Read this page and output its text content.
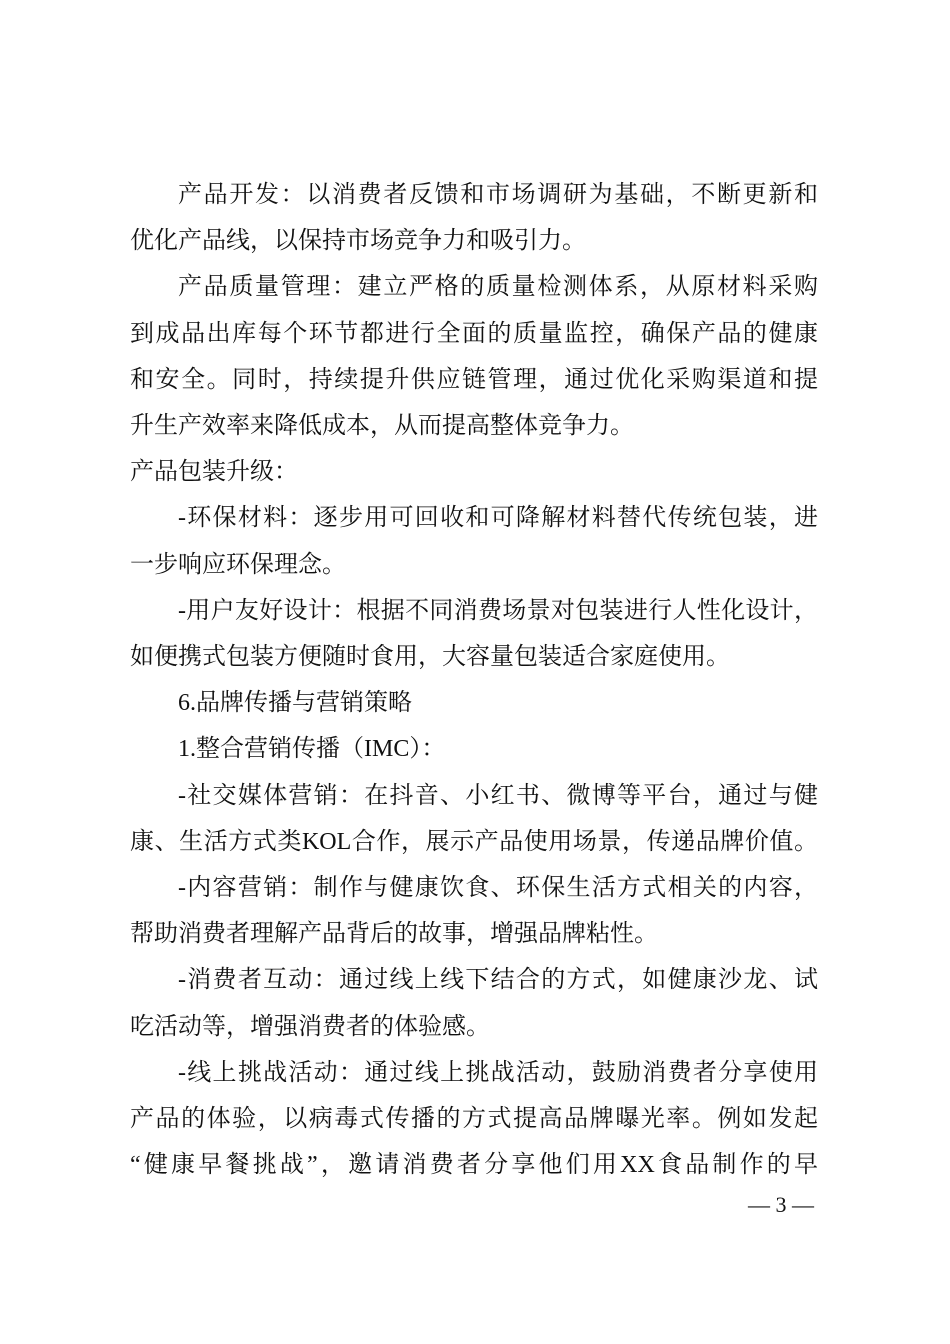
产品开发：以消费者反馈和市场调研为基础，不断更新和
优化产品线，以保持市场竞争力和吸引力。
产品质量管理：建立严格的质量检测体系，从原材料采购
到成品出库每个环节都进行全面的质量监控，确保产品的健康
和安全。同时，持续提升供应链管理，通过优化采购渠道和提
升生产效率来降低成本，从而提高整体竞争力。
产品包装升级：
-环保材料：逐步用可回收和可降解材料替代传统包装，进
一步响应环保理念。
-用户友好设计：根据不同消费场景对包装进行人性化设计，
如便携式包装方便随时食用，大容量包装适合家庭使用。
6.品牌传播与营销策略
1.整合营销传播（IMC）：
-社交媒体营销：在抖音、小红书、微博等平台，通过与健
康、生活方式类KOL合作，展示产品使用场景，传递品牌价值。
-内容营销：制作与健康饮食、环保生活方式相关的内容，
帮助消费者理解产品背后的故事，增强品牌粘性。
-消费者互动：通过线上线下结合的方式，如健康沙龙、试
吃活动等，增强消费者的体验感。
-线上挑战活动：通过线上挑战活动，鼓励消费者分享使用
产品的体验，以病毒式传播的方式提高品牌曝光率。例如发起
“健康早餐挑战”，邀请消费者分享他们用XX食品制作的早
— 3 —
